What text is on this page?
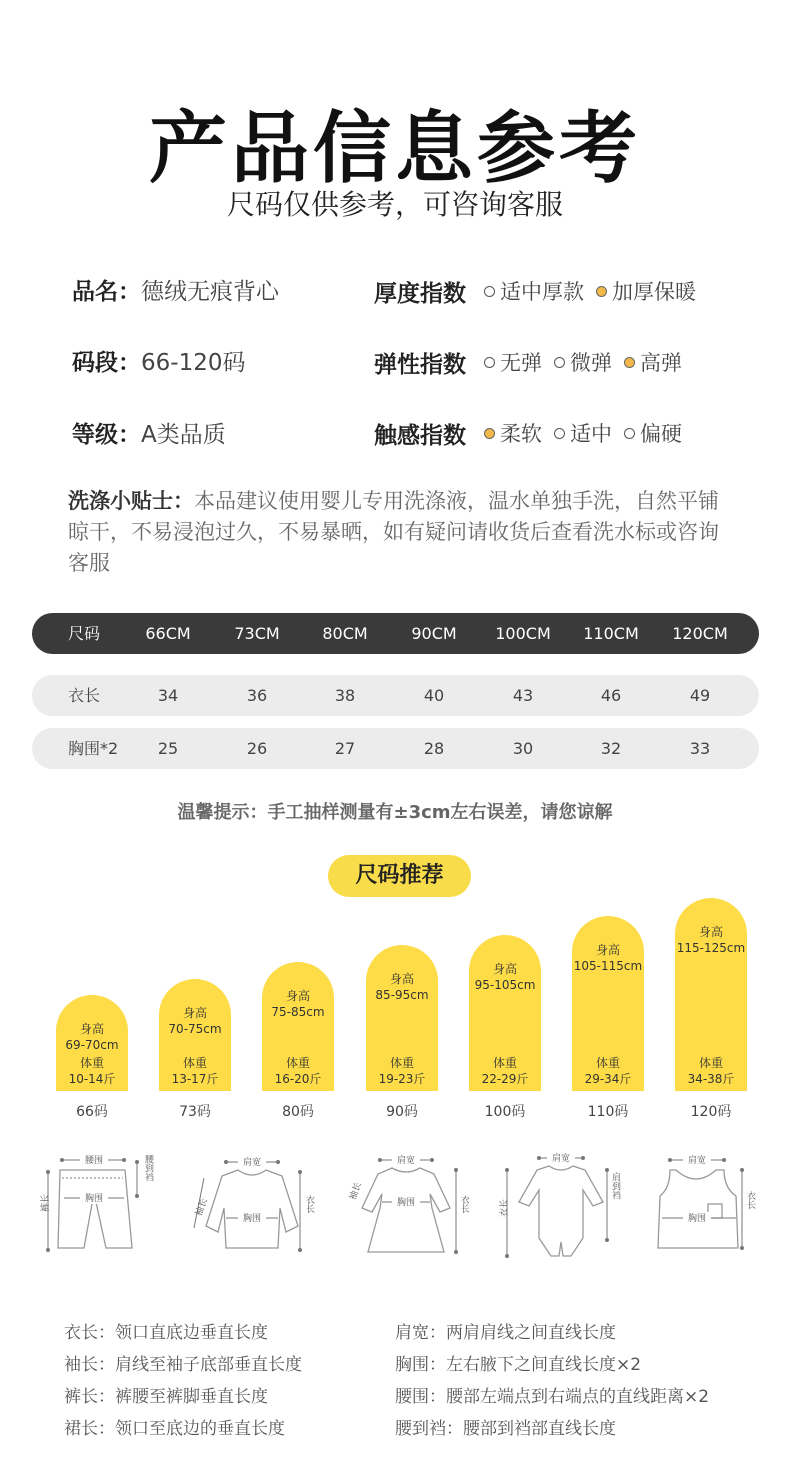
产品信息参考
尺码仅供参考，可咨询客服
品名：德绒无痕背心
码段：66-120码
等级：A类品质
厚度指数 适中厚款 加厚保暖
弹性指数 无弹 微弹 高弹
触感指数 柔软 适中 偏硬
洗涤小贴士：本品建议使用婴儿专用洗涤液，温水单独手洗，自然平铺晾干，不易浸泡过久，不易暴晒，如有疑问请收货后查看洗水标或咨询客服
尺码	66CM	73CM	80CM	90CM	100CM	110CM	120CM
衣长	34	36	38	40	43	46	49
胸围*2	25	26	27	28	30	32	33
温馨提示：手工抽样测量有±3cm左右误差，请您谅解
尺码推荐
腰围
胸围
裤长
腰到裆	肩宽
胸围
袖长	衣长
肩宽
胸围
袖长
衣长
肩宽
衣长
肩到裆
肩宽
胸围
衣长
衣长：领口直底边垂直长度
袖长：肩线至袖子底部垂直长度
裤长：裤腰至裤脚垂直长度
裙长：领口至底边的垂直长度
肩宽：两肩肩线之间直线长度
胸围：左右腋下之间直线长度×2
腰围：腰部左端点到右端点的直线距离×2
腰到裆：腰部到裆部直线长度
身高
69-70cm
体重
10-14斤
66码
身高
70-75cm
体重
13-17斤
73码
身高
75-85cm
体重
16-20斤
80码
身高
85-95cm
体重
19-23斤
90码
身高
95-105cm
体重
22-29斤
100码
身高
105-115cm
体重
29-34斤
110码
身高
115-125cm
体重
34-38斤
120码
